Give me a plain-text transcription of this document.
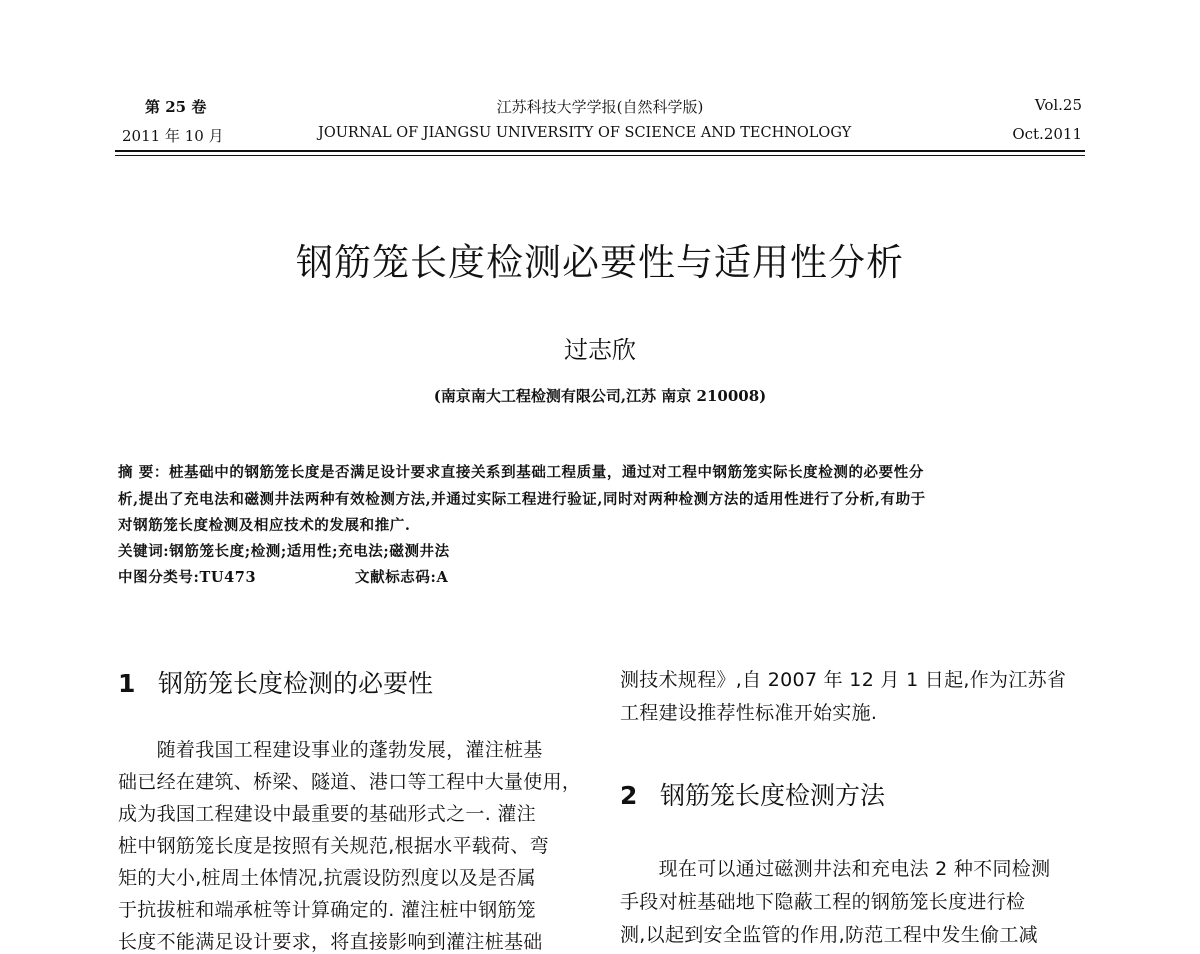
第 25 卷
2011 年 10 月
江苏科技大学学报(自然科学版)
JOURNAL OF JIANGSU UNIVERSITY OF SCIENCE AND TECHNOLOGY
Vol.25
Oct.2011
钢筋笼长度检测必要性与适用性分析
过志欣
(南京南大工程检测有限公司,江苏 南京 210008)
摘 要：桩基础中的钢筋笼长度是否满足设计要求直接关系到基础工程质量，通过对工程中钢筋笼实际长度检测的必要性分
析,提出了充电法和磁测井法两种有效检测方法,并通过实际工程进行验证,同时对两种检测方法的适用性进行了分析,有助于
对钢筋笼长度检测及相应技术的发展和推广.
关键词:钢筋笼长度;检测;适用性;充电法;磁测井法
中图分类号:TU473	文献标志码:A
1 钢筋笼长度检测的必要性
　　随着我国工程建设事业的蓬勃发展，灌注桩基
础已经在建筑、桥梁、隧道、港口等工程中大量使用，
成为我国工程建设中最重要的基础形式之一. 灌注
桩中钢筋笼长度是按照有关规范,根据水平载荷、弯
矩的大小,桩周土体情况,抗震设防烈度以及是否属
于抗拔桩和端承桩等计算确定的. 灌注桩中钢筋笼
长度不能满足设计要求，将直接影响到灌注桩基础
测技术规程》,自 2007 年 12 月 1 日起,作为江苏省
工程建设推荐性标准开始实施.
2 钢筋笼长度检测方法
　　现在可以通过磁测井法和充电法 2 种不同检测
手段对桩基础地下隐蔽工程的钢筋笼长度进行检
测,以起到安全监管的作用,防范工程中发生偷工减
